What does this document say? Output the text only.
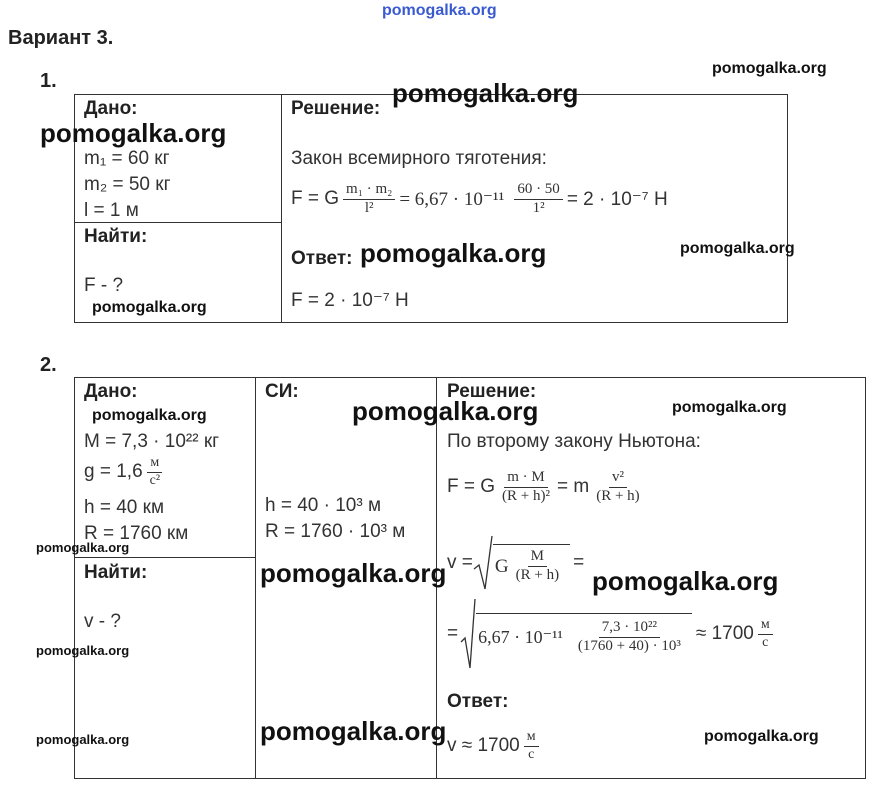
pomogalka.org
Вариант 3.
1.
Дано:
m₁ = 60 кг
m₂ = 50 кг
l = 1 м
Найти:
F - ?
Решение:
Закон всемирного тяготения:
F = G $\frac{\text{m₁ · m₂}}{\text{l²}} = 6,67 \cdot 10^{-11} \frac{60 \cdot 50}{\text{1²}} = 2 \cdot 10^{-7}$ Н
Ответ:
F = 2 · 10⁻⁷ Н
pomogalka.org
pomogalka.org
pomogalka.org
pomogalka.org
pomogalka.org
pomogalka.org
2.
Дано:
M = 7,3 · 10²² кг
$g = 1,6 \frac{м}{\text{с²}}$
h = 40 км
R = 1760 км
Найти:
v - ?
СИ:
h = 40 · 10³ м
R = 1760 · 10³ м
Решение:
По второму закону Ньютона:
F = G $\frac{m \cdot M}{\text{(R + h)²}} = m \frac{\text{v²}}{(R + h)}$
v = G $\frac{M}{(R + h)}$ =
= $6,67 \cdot 10^{-11} \frac{\text{7,3 · 10²²}}{\text{(1760 + 40) · 10³}} \approx 1700 \frac{м}{с}$
Ответ:
$v \approx 1700 \frac{м}{с}$
pomogalka.org	pomogalka.org	pomogalka.org
pomogalka.org
pomogalka.org	pomogalka.org
pomogalka.org
pomogalka.org	pomogalka.org	pomogalka.org
